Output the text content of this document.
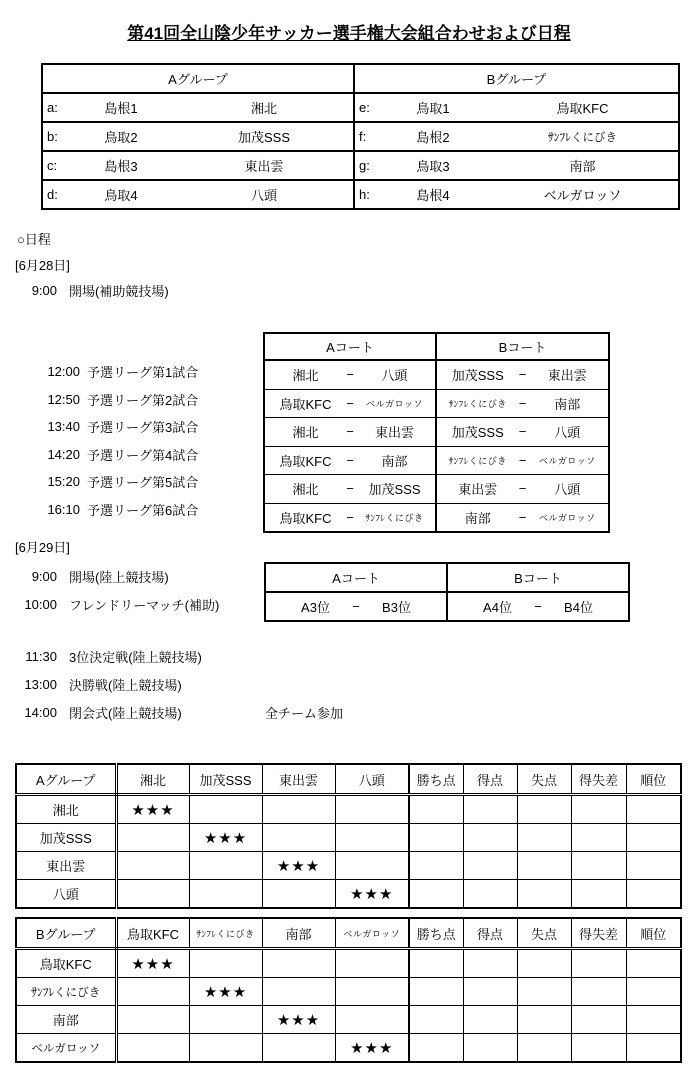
第41回全山陰少年サッカー選手権大会組合わせおよび日程
Aグループ	Bグループ

a: 島根1 湘北	e: 鳥取1 鳥取KFC

b: 鳥取2 加茂SSS	f: 島根2 ｻﾝﾌﾚくにびき

c: 島根3 東出雲	g: 鳥取3 南部

d: 鳥取4 八頭	h: 島根4 ベルガロッソ
○日程
[6月28日]
9:00 開場(補助競技場)
12:00 予選リーグ第1試合
12:50 予選リーグ第2試合
13:40 予選リーグ第3試合
14:20 予選リーグ第4試合
15:20 予選リーグ第5試合
16:10 予選リーグ第6試合
Aコート	Bコート

湘北 − 八頭	加茂SSS − 東出雲

鳥取KFC − ベルガロッソ	ｻﾝﾌﾚくにびき − 南部

湘北 − 東出雲	加茂SSS − 八頭

鳥取KFC − 南部	ｻﾝﾌﾚくにびき − ベルガロッソ

湘北 − 加茂SSS	東出雲 − 八頭

鳥取KFC − ｻﾝﾌﾚくにびき	南部 − ベルガロッソ
[6月29日]
9:00 開場(陸上競技場)
10:00 フレンドリーマッチ(補助)
Aコート	Bコート

A3位 − B3位	A4位 − B4位
11:30 3位決定戦(陸上競技場)
13:00 決勝戦(陸上競技場)
14:00 閉会式(陸上競技場)	全チーム参加
Aグループ	湘北	加茂SSS	東出雲	八頭	勝ち点	得点	失点	得失差	順位
湘北	★★★								
加茂SSS		★★★							
東出雲			★★★						
八頭				★★★					
Bグループ	鳥取KFC	ｻﾝﾌﾚくにびき	南部	ベルガロッソ	勝ち点	得点	失点	得失差	順位
鳥取KFC	★★★								
ｻﾝﾌﾚくにびき		★★★							
南部			★★★						
ベルガロッソ				★★★					
